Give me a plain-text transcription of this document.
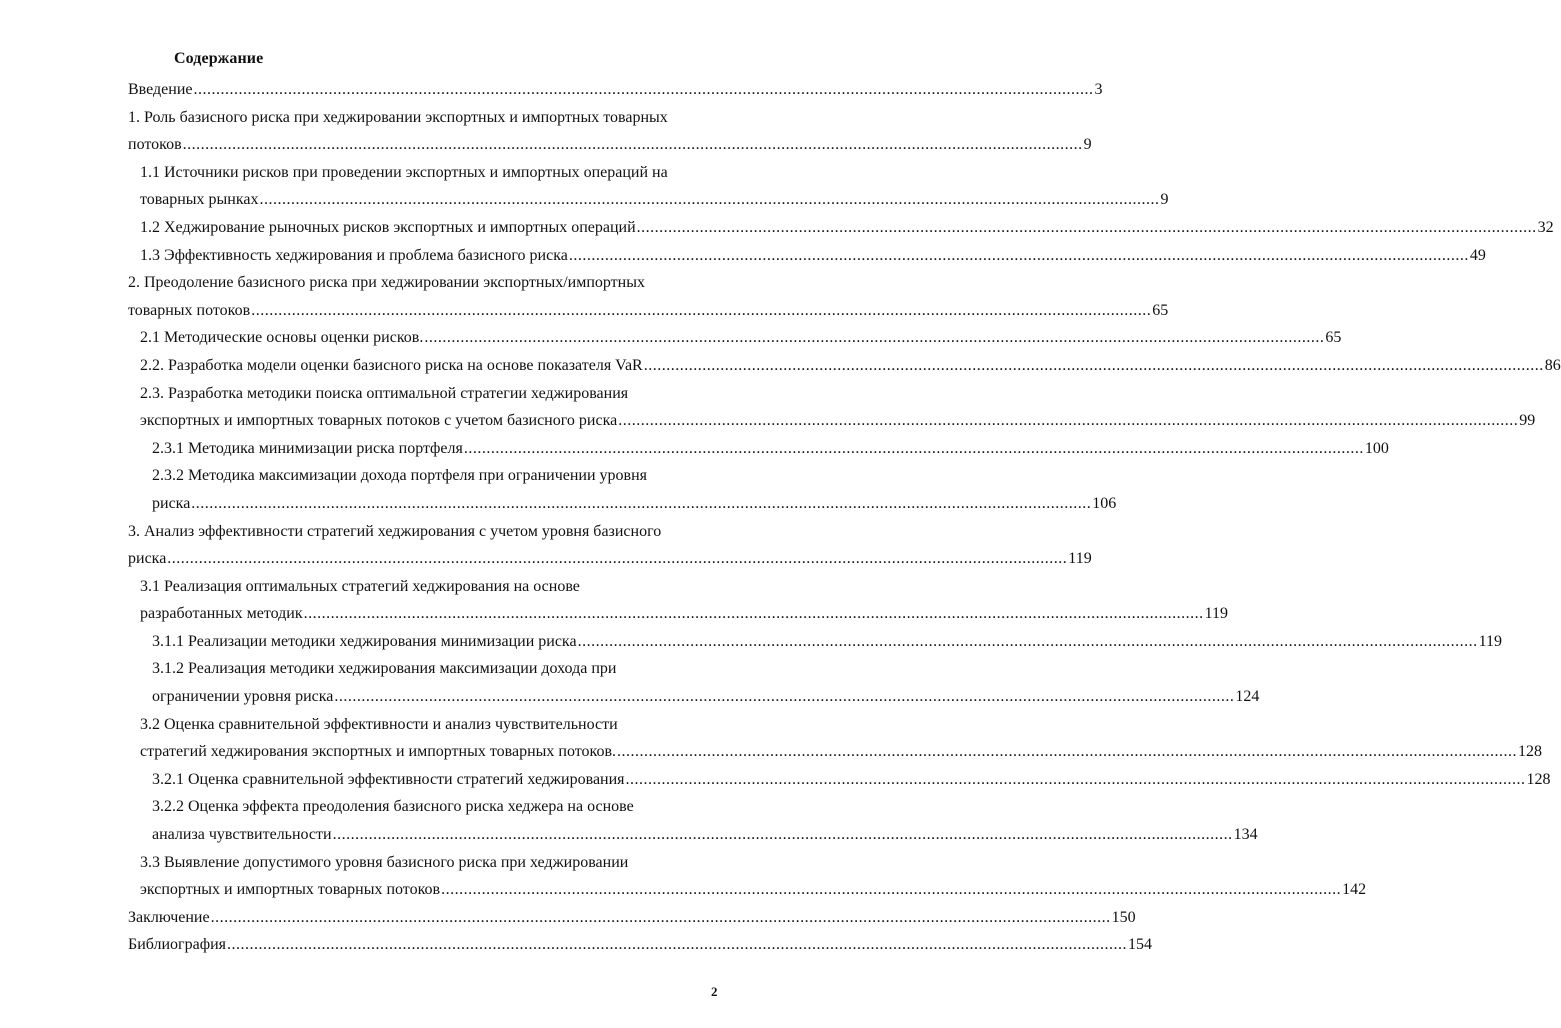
Содержание
Введение ........................................................................................................................................................................................................ 3
1. Роль базисного риска при хеджировании экспортных и импортных товарных
потоков ........................................................................................................................................................................................................ 9
1.1 Источники рисков при проведении экспортных и импортных операций на
товарных рынках ........................................................................................................................................................................................................ 9
1.2 Хеджирование рыночных рисков экспортных и импортных операций ........................................................................................................................................................................................................ 32
1.3 Эффективность хеджирования и проблема базисного риска ........................................................................................................................................................................................................ 49
2. Преодоление базисного риска при хеджировании экспортных/импортных
товарных потоков ........................................................................................................................................................................................................ 65
2.1 Методические основы оценки рисков. ........................................................................................................................................................................................................ 65
2.2. Разработка модели оценки базисного риска на основе показателя VaR ........................................................................................................................................................................................................ 86
2.3. Разработка методики поиска оптимальной стратегии хеджирования
экспортных и импортных товарных потоков с учетом базисного риска ........................................................................................................................................................................................................ 99
2.3.1 Методика минимизации риска портфеля ........................................................................................................................................................................................................ 100
2.3.2 Методика максимизации дохода портфеля при ограничении уровня
риска ........................................................................................................................................................................................................ 106
3. Анализ эффективности стратегий хеджирования с учетом уровня базисного
риска ........................................................................................................................................................................................................ 119
3.1 Реализация оптимальных стратегий хеджирования на основе
разработанных методик ........................................................................................................................................................................................................ 119
3.1.1 Реализации методики хеджирования минимизации риска ........................................................................................................................................................................................................ 119
3.1.2 Реализация методики хеджирования максимизации дохода при
ограничении уровня риска ........................................................................................................................................................................................................ 124
3.2 Оценка сравнительной эффективности и анализ чувствительности
стратегий хеджирования экспортных и импортных товарных потоков. ........................................................................................................................................................................................................ 128
3.2.1 Оценка сравнительной эффективности стратегий хеджирования ........................................................................................................................................................................................................ 128
3.2.2 Оценка эффекта преодоления базисного риска хеджера на основе
анализа чувствительности ........................................................................................................................................................................................................ 134
3.3 Выявление допустимого уровня базисного риска при хеджировании
экспортных и импортных товарных потоков ........................................................................................................................................................................................................ 142
Заключение ........................................................................................................................................................................................................ 150
Библиография ........................................................................................................................................................................................................ 154
2
